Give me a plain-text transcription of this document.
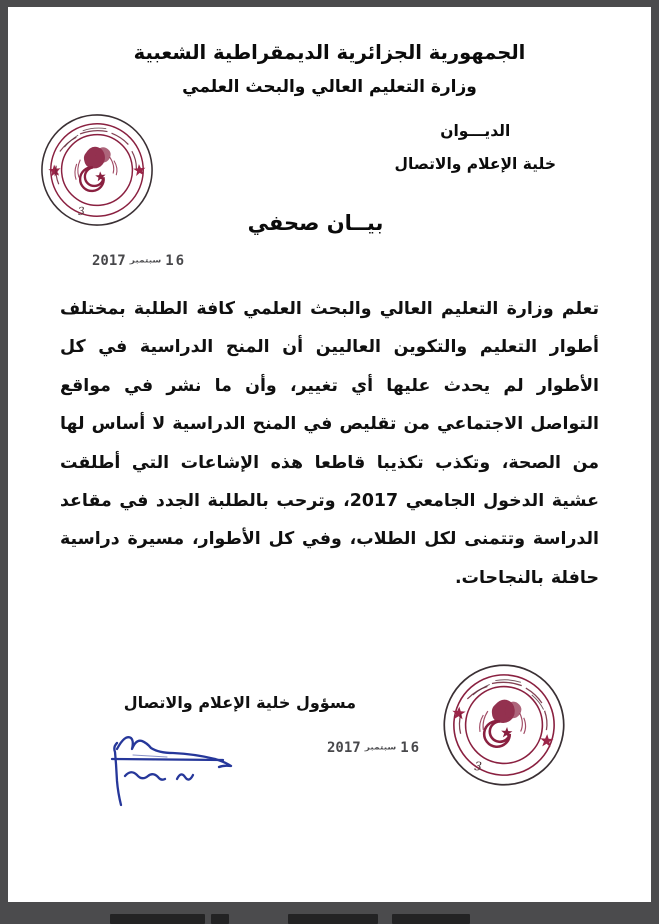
الجمهورية الجزائرية الديمقراطية الشعبية
وزارة التعليم العالي والبحث العلمي
الديـــوان
خلية الإعلام والاتصال
بيــان صحفي
3
16سبتمبر2017
تعلم وزارة التعليم العالي والبحث العلمي كافة الطلبة بمختلف أطوار التعليم والتكوين العاليين أن المنح الدراسية في كل الأطوار لم يحدث عليها أي تغيير، وأن ما نشر في مواقع التواصل الاجتماعي من تقليص في المنح الدراسية لا أساس لها من الصحة، وتكذب تكذيبا قاطعا هذه الإشاعات التي أطلقت عشية الدخول الجامعي 2017، وترحب بالطلبة الجدد في مقاعد الدراسة وتتمنى لكل الطلاب، وفي كل الأطوار، مسيرة دراسية حافلة بالنجاحات.
مسؤول خلية الإعلام والاتصال
3
16سبتمبر2017
